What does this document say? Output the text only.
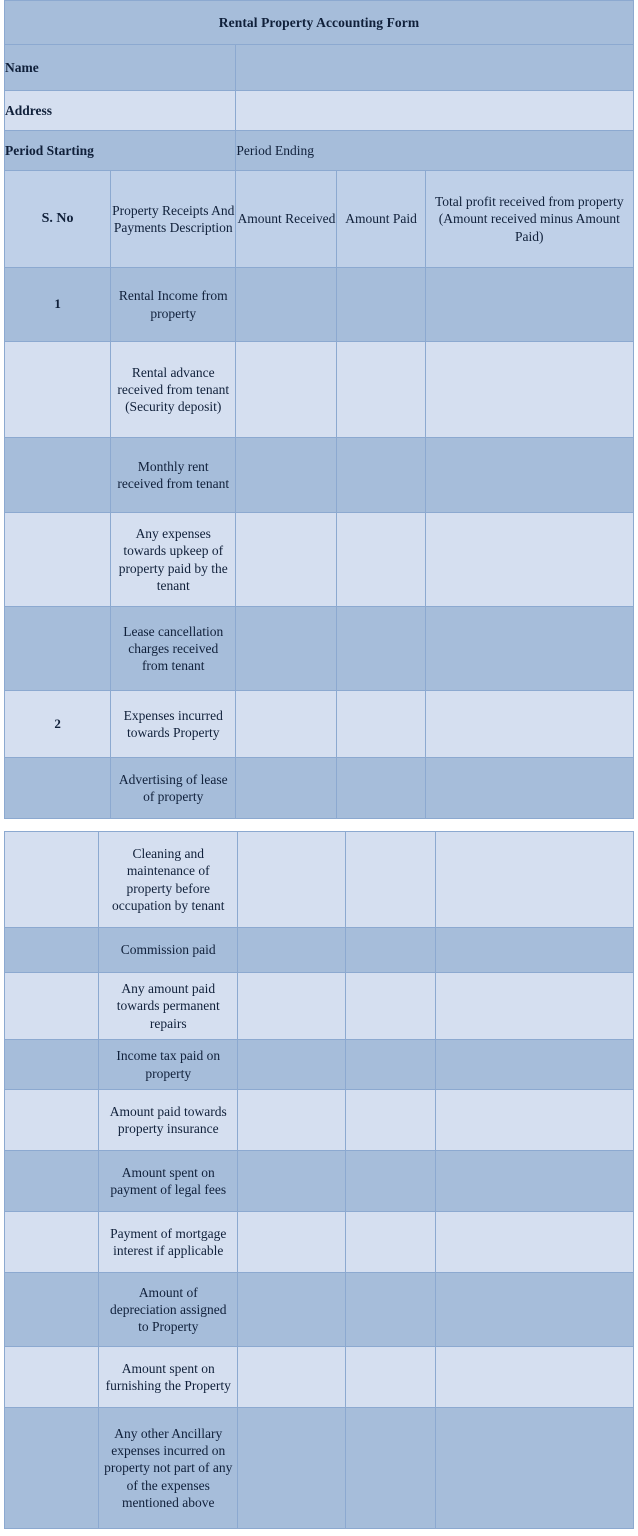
Rental Property Accounting Form				
Name				
Address				
Period Starting		Period Ending		
S. No	Property Receipts And Payments Description	Amount Received	Amount Paid	Total profit received from property (Amount received minus Amount Paid)
1	Rental Income from property			
	Rental advance received from tenant (Security deposit)			
	Monthly rent received from tenant			
	Any expenses towards upkeep of property paid by the tenant			
	Lease cancellation charges received from tenant			
2	Expenses incurred towards Property			
	Advertising of lease of property			
	Cleaning and maintenance of property before occupation by tenant			
	Commission paid			
	Any amount paid towards permanent repairs			
	Income tax paid on property			
	Amount paid towards property insurance			
	Amount spent on payment of legal fees			
	Payment of mortgage interest if applicable			
	Amount of depreciation assigned to Property			
	Amount spent on furnishing the Property			
	Any other Ancillary expenses incurred on property not part of any of the expenses mentioned above			
